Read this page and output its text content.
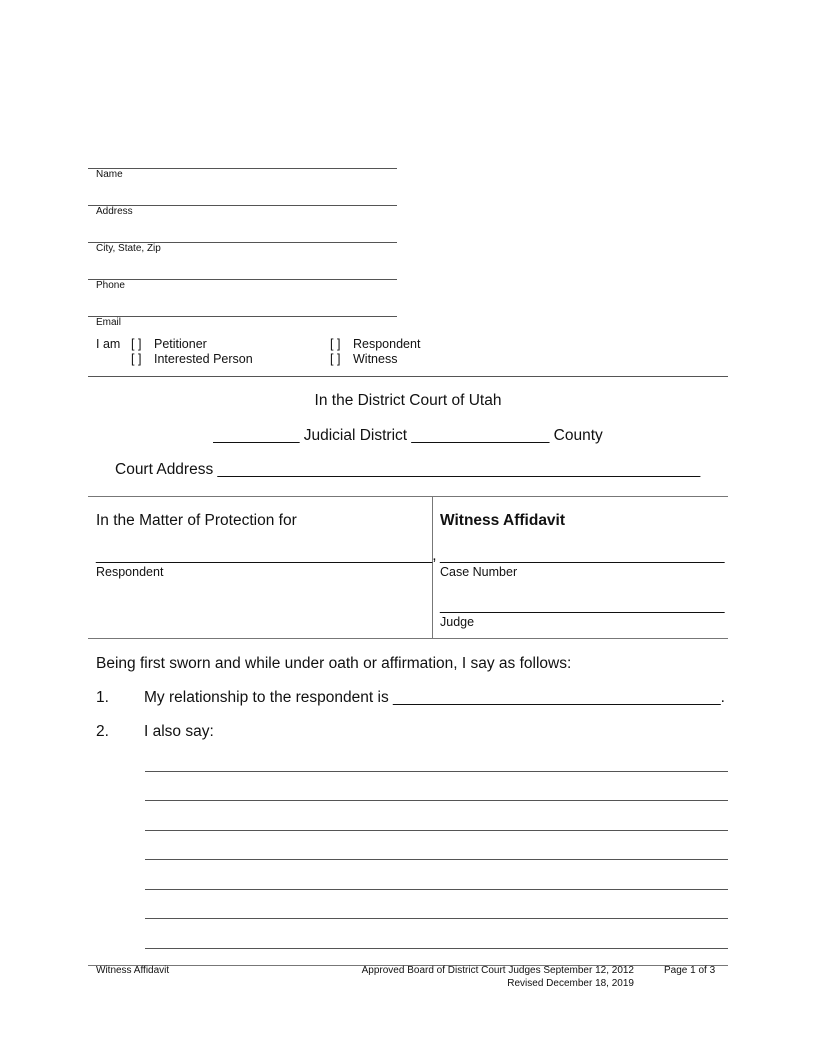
Name
Address
City, State, Zip
Phone
Email
I am [ ] Petitioner	[ ] Respondent
[ ] Interested Person	[ ] Witness
In the District Court of Utah
__________ Judicial District ________________ County
Court Address ________________________________________________________
In the Matter of Protection for
_______________________________________,
Respondent
Witness Affidavit
_________________________________
Case Number
_________________________________
Judge
Being first sworn and while under oath or affirmation, I say as follows:
1. My relationship to the respondent is ______________________________________.
2. I also say:
Witness Affidavit	Approved Board of District Court Judges September 12, 2012
Revised December 18, 2019
Page 1 of 3
